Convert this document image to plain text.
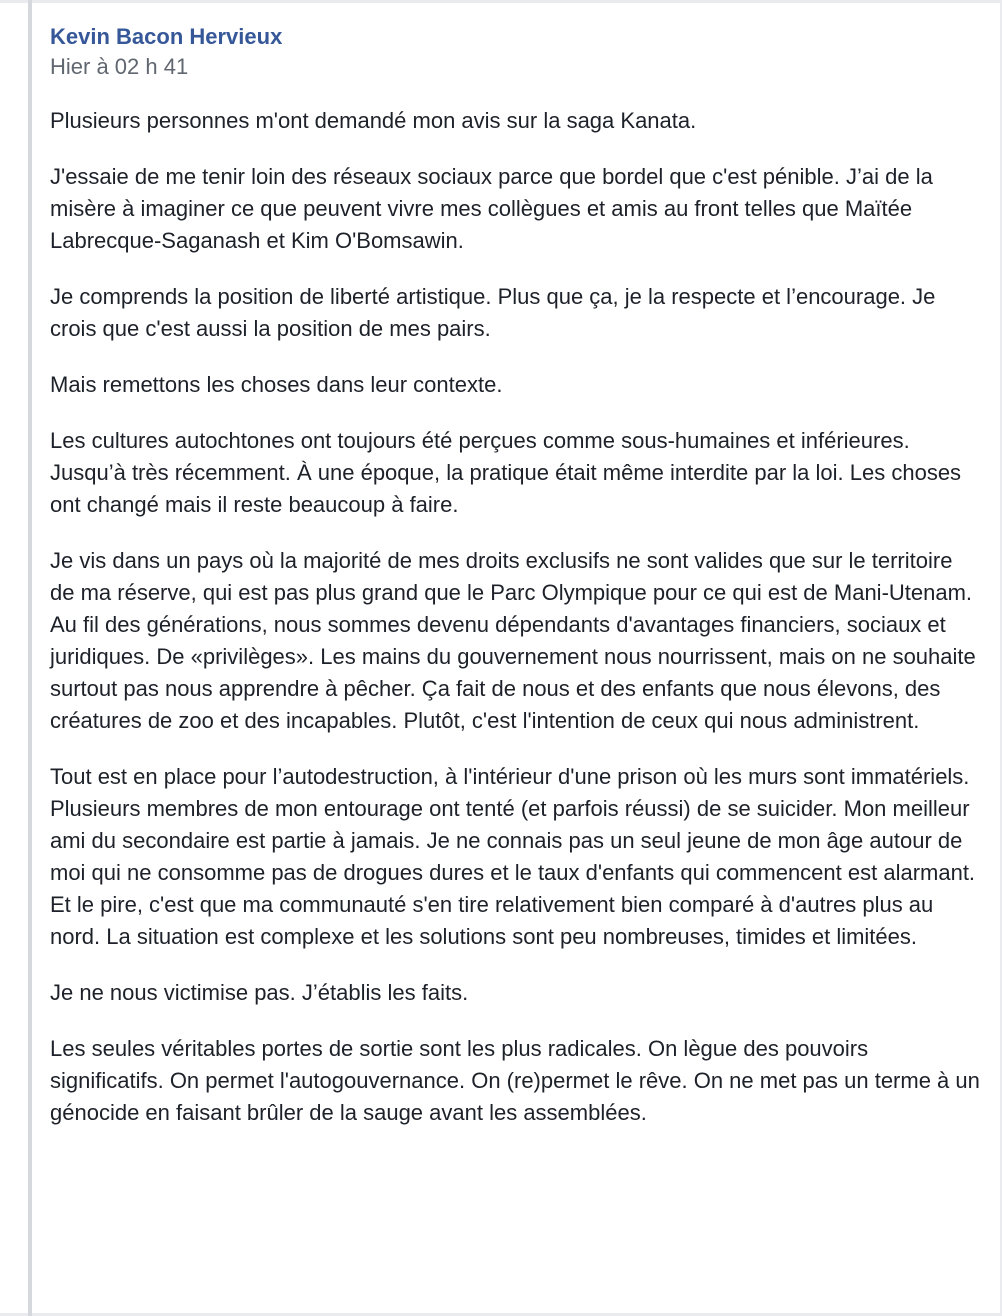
Kevin Bacon Hervieux
Hier à 02 h 41

Plusieurs personnes m'ont demandé mon avis sur la saga Kanata.

J'essaie de me tenir loin des réseaux sociaux parce que bordel que c'est pénible. J’ai de la misère à imaginer ce que peuvent vivre mes collègues et amis au front telles que Maïtée Labrecque-Saganash et Kim O'Bomsawin.

Je comprends la position de liberté artistique. Plus que ça, je la respecte et l’encourage. Je crois que c'est aussi la position de mes pairs.

Mais remettons les choses dans leur contexte.

Les cultures autochtones ont toujours été perçues comme sous-humaines et inférieures. Jusqu’à très récemment. À une époque, la pratique était même interdite par la loi. Les choses ont changé mais il reste beaucoup à faire.

Je vis dans un pays où la majorité de mes droits exclusifs ne sont valides que sur le territoire de ma réserve, qui est pas plus grand que le Parc Olympique pour ce qui est de Mani-Utenam. Au fil des générations, nous sommes devenu dépendants d'avantages financiers, sociaux et juridiques. De «privilèges». Les mains du gouvernement nous nourrissent, mais on ne souhaite surtout pas nous apprendre à pêcher. Ça fait de nous et des enfants que nous élevons, des créatures de zoo et des incapables. Plutôt, c'est l'intention de ceux qui nous administrent.

Tout est en place pour l’autodestruction, à l'intérieur d'une prison où les murs sont immatériels. Plusieurs membres de mon entourage ont tenté (et parfois réussi) de se suicider. Mon meilleur ami du secondaire est partie à jamais. Je ne connais pas un seul jeune de mon âge autour de moi qui ne consomme pas de drogues dures et le taux d'enfants qui commencent est alarmant. Et le pire, c'est que ma communauté s'en tire relativement bien comparé à d'autres plus au nord. La situation est complexe et les solutions sont peu nombreuses, timides et limitées.

Je ne nous victimise pas. J’établis les faits.

Les seules véritables portes de sortie sont les plus radicales. On lègue des pouvoirs significatifs. On permet l'autogouvernance. On (re)permet le rêve. On ne met pas un terme à un génocide en faisant brûler de la sauge avant les assemblées.
